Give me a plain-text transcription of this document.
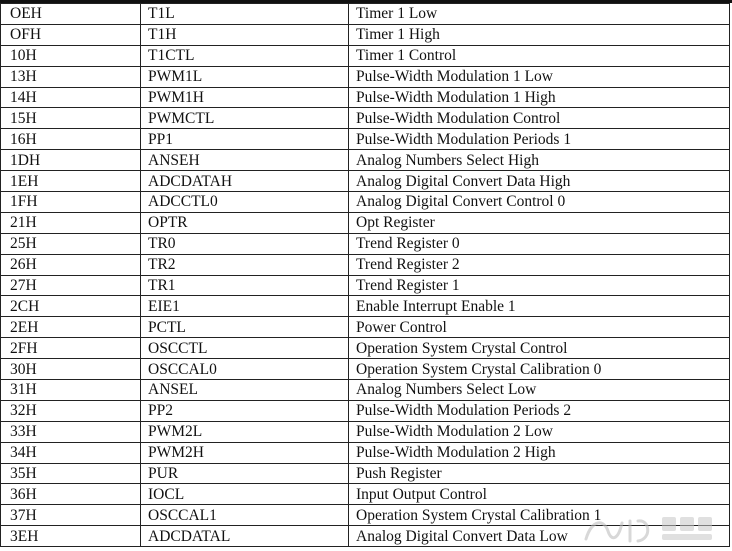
OEH	T1L	Timer 1 Low
OFH	T1H	Timer 1 High
10H	T1CTL	Timer 1 Control
13H	PWM1L	Pulse-Width Modulation 1 Low
14H	PWM1H	Pulse-Width Modulation 1 High
15H	PWMCTL	Pulse-Width Modulation Control
16H	PP1	Pulse-Width Modulation Periods 1
1DH	ANSEH	Analog Numbers Select High
1EH	ADCDATAH	Analog Digital Convert Data High
1FH	ADCCTL0	Analog Digital Convert Control 0
21H	OPTR	Opt Register
25H	TR0	Trend Register 0
26H	TR2	Trend Register 2
27H	TR1	Trend Register 1
2CH	EIE1	Enable Interrupt Enable 1
2EH	PCTL	Power Control
2FH	OSCCTL	Operation System Crystal Control
30H	OSCCAL0	Operation System Crystal Calibration 0
31H	ANSEL	Analog Numbers Select Low
32H	PP2	Pulse-Width Modulation Periods 2
33H	PWM2L	Pulse-Width Modulation 2 Low
34H	PWM2H	Pulse-Width Modulation 2 High
35H	PUR	Push Register
36H	IOCL	Input Output Control
37H	OSCCAL1	Operation System Crystal Calibration 1
3EH	ADCDATAL	Analog Digital Convert Data Low
